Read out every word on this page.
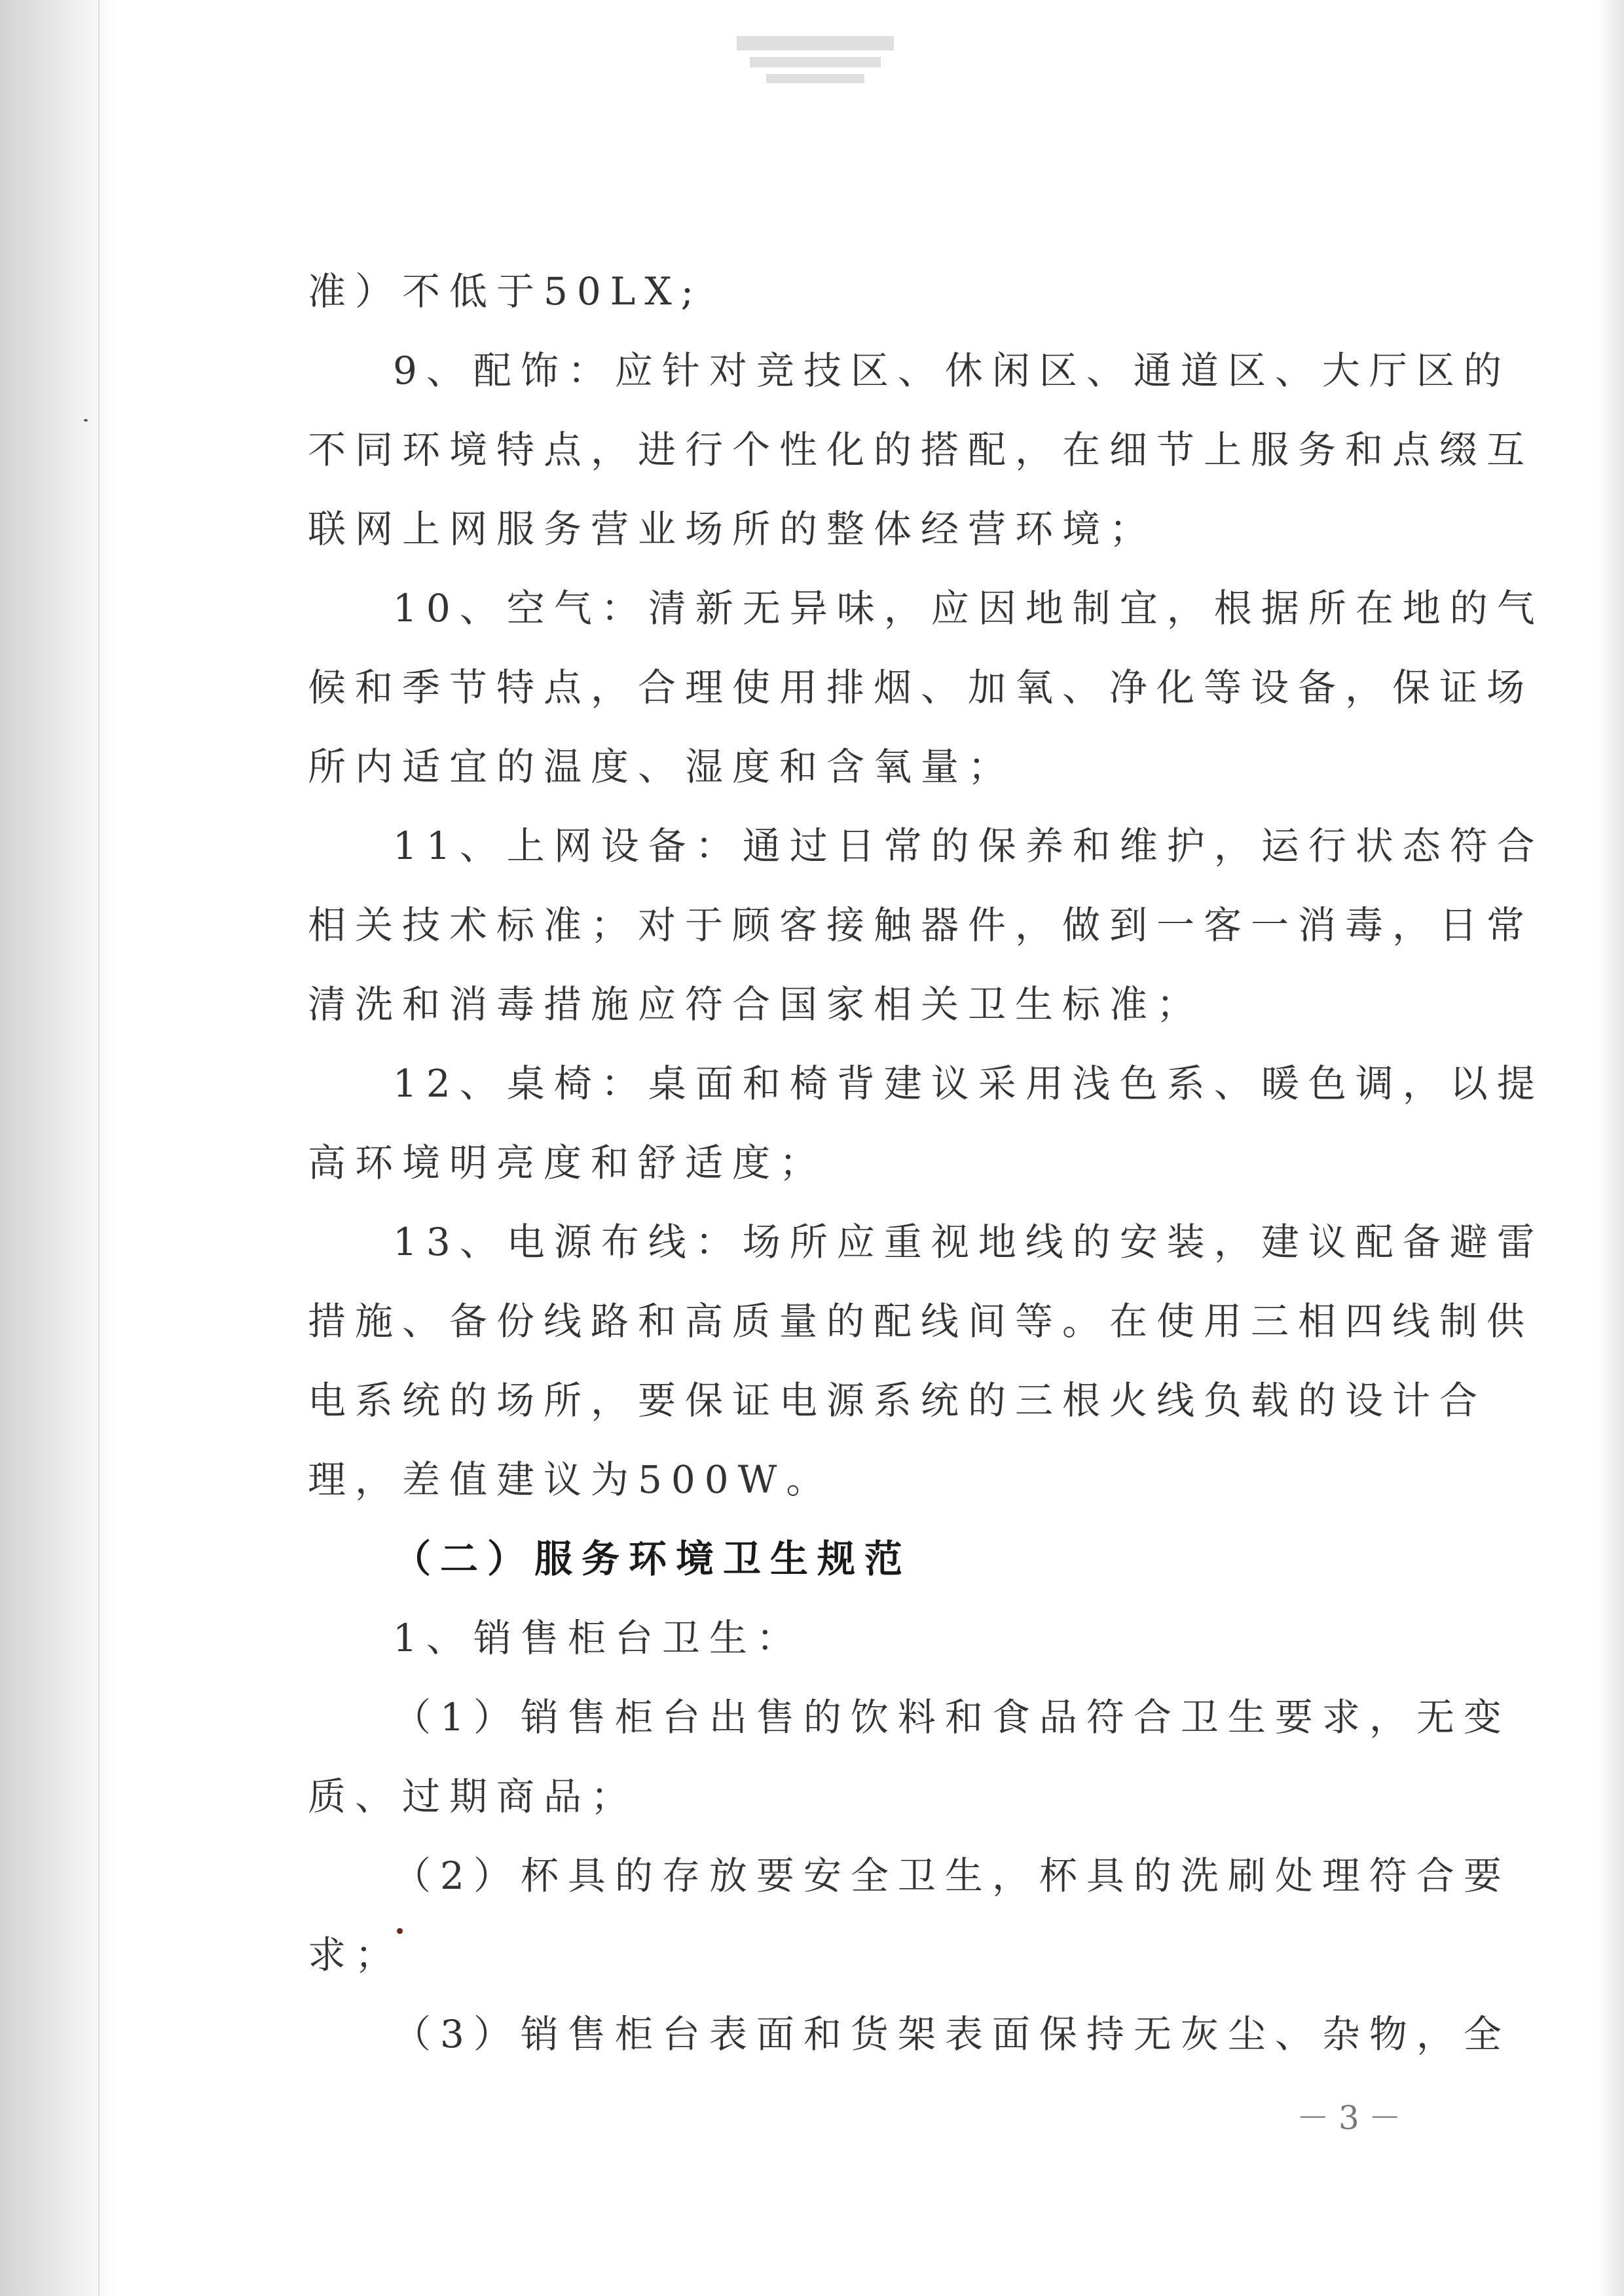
准）不低于50LX;
9、配饰：应针对竞技区、休闲区、通道区、大厅区的
不同环境特点，进行个性化的搭配，在细节上服务和点缀互
联网上网服务营业场所的整体经营环境；
10、空气：清新无异味，应因地制宜，根据所在地的气
候和季节特点，合理使用排烟、加氧、净化等设备，保证场
所内适宜的温度、湿度和含氧量；
11、上网设备：通过日常的保养和维护，运行状态符合
相关技术标准；对于顾客接触器件，做到一客一消毒，日常
清洗和消毒措施应符合国家相关卫生标准；
12、桌椅：桌面和椅背建议采用浅色系、暖色调，以提
高环境明亮度和舒适度；
13、电源布线：场所应重视地线的安装，建议配备避雷
措施、备份线路和高质量的配线间等。在使用三相四线制供
电系统的场所，要保证电源系统的三根火线负载的设计合
理，差值建议为500W。
（二）服务环境卫生规范
1、销售柜台卫生：
（1）销售柜台出售的饮料和食品符合卫生要求，无变
质、过期商品；
（2）杯具的存放要安全卫生，杯具的洗刷处理符合要
求；
（3）销售柜台表面和货架表面保持无灰尘、杂物，全
－3－
